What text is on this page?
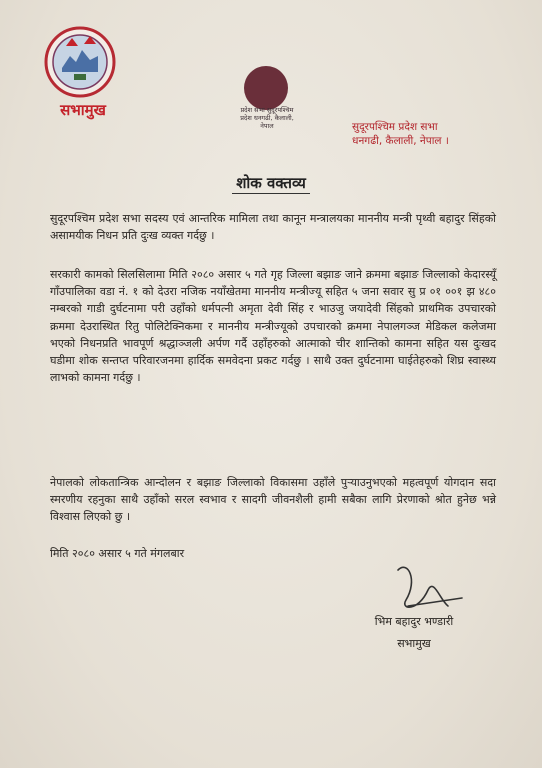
सभामुख	प्रदेश सभा सुदूरपश्चिम प्रदेश धनगढी, कैलाली, नेपाल	सुदूरपश्चिम प्रदेश सभा
धनगढी, कैलाली, नेपाल ।
शोक वक्तव्य
सुदूरपश्चिम प्रदेश सभा सदस्य एवं आन्तरिक मामिला तथा कानून मन्त्रालयका माननीय मन्त्री पृथ्वी बहादुर सिंहको असामयीक निधन प्रति दुःख व्यक्त गर्दछु ।
सरकारी कामको सिलसिलामा मिति २०८० असार ५ गते गृह जिल्ला बझाङ जाने क्रममा बझाङ जिल्लाको केदारस्यूँ गाँउपालिका वडा नं. १ को देउरा नजिक नयाँखेतमा माननीय मन्त्रीज्यू सहित ५ जना सवार सु प्र ०१ ००१ झ ४८० नम्बरको गाडी दुर्घटनामा परी उहाँको धर्मपत्नी अमृता देवी सिंह र भाउजु जयादेवी सिंहको प्राथमिक उपचारको क्रममा देउरास्थित रितु पोलिटेक्निकमा र माननीय मन्त्रीज्यूको उपचारको क्रममा नेपालगञ्ज मेडिकल कलेजमा भएको निधनप्रति भावपूर्ण श्रद्धाञ्जली अर्पण गर्दै उहाँहरुको आत्माको चीर शान्तिको कामना सहित यस दुःखद घडीमा शोक सन्तप्त परिवारजनमा हार्दिक समवेदना प्रकट गर्दछु । साथै उक्त दुर्घटनामा घाईतेहरुको शिघ्र स्वास्थ्य लाभको कामना गर्दछु ।
नेपालको लोकतान्त्रिक आन्दोलन र बझाङ जिल्लाको विकासमा उहाँले पुऱ्याउनुभएको महत्वपूर्ण योगदान सदा स्मरणीय रहनुका साथै उहाँको सरल स्वभाव र सादगी जीवनशैली हामी सबैका लागि प्रेरणाको श्रोत हुनेछ भन्ने विश्वास लिएको छु ।
मिति २०८० असार ५ गते मंगलबार
भिम बहादुर भण्डारी
सभामुख
